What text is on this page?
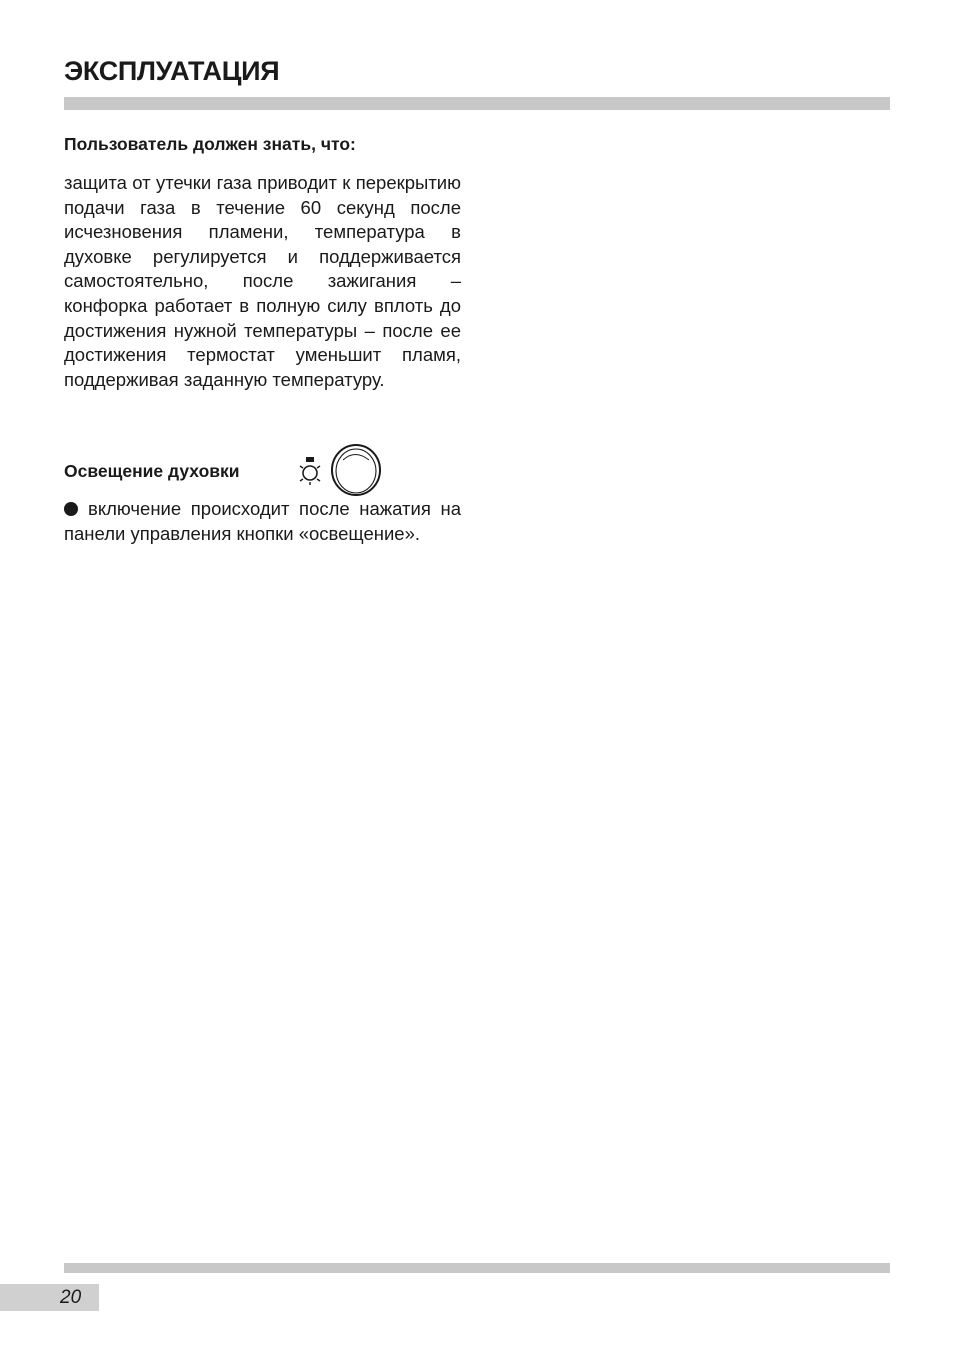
ЭКСПЛУАТАЦИЯ
Пользователь должен знать, что:

защита от утечки газа приводит к перекрытию подачи газа в течение 60 секунд после исчезновения пламени, температура в духовке регулируется и поддерживается самостоятельно, после зажигания – конфорка работает в полную силу вплоть до достижения нужной температуры – после ее достижения термостат уменьшит пламя, поддерживая заданную температуру.

Освещение духовки

включение происходит после нажатия на панели управления кнопки «освещение».

20
